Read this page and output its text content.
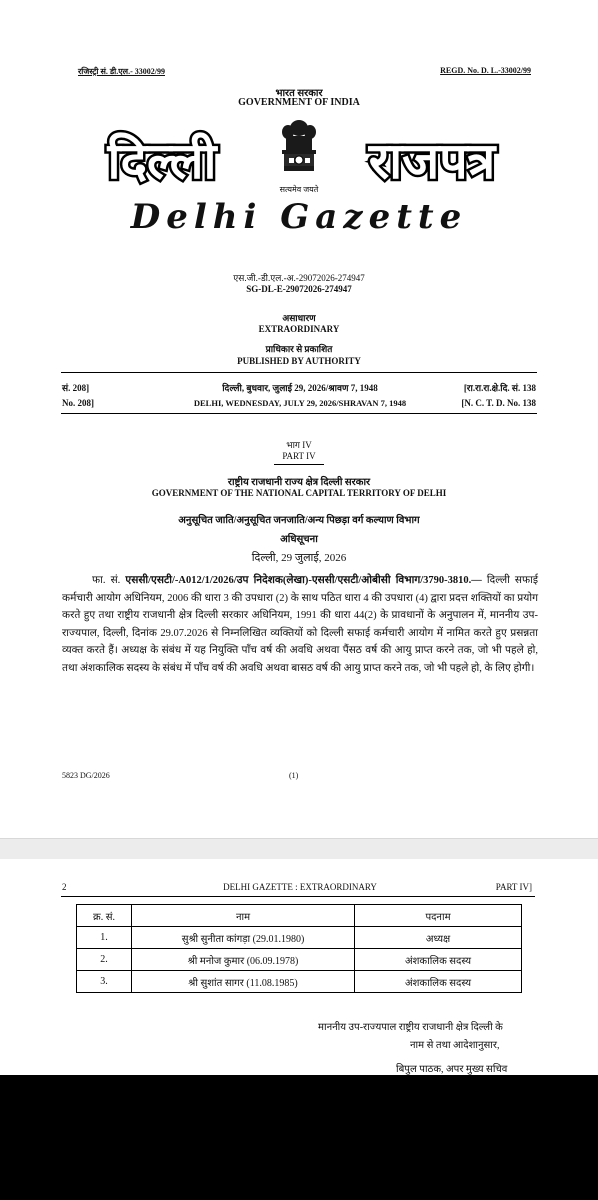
रजिस्ट्री सं. डी.एल.- 33002/99	REGD. No. D. L.-33002/99
भारत सरकार
GOVERNMENT OF INDIA
दिल्ली	राजपत्र
सत्यमेव जयते
Delhi Gazette
एस.जी.-डी.एल.-अ.-29072026-274947
SG-DL-E-29072026-274947
असाधारण
EXTRAORDINARY
प्राधिकार से प्रकाशित
PUBLISHED BY AUTHORITY
सं. 208]	दिल्ली, बुधवार, जुलाई 29, 2026/श्रावण 7, 1948	[रा.रा.रा.क्षे.दि. सं. 138
No. 208]	DELHI, WEDNESDAY, JULY 29, 2026/SHRAVAN 7, 1948	[N. C. T. D. No. 138
भाग IV
PART IV
राष्ट्रीय राजधानी राज्य क्षेत्र दिल्ली सरकार
GOVERNMENT OF THE NATIONAL CAPITAL TERRITORY OF DELHI
अनुसूचित जाति/अनुसूचित जनजाति/अन्य पिछड़ा वर्ग कल्याण विभाग
अधिसूचना
दिल्ली, 29 जुलाई, 2026
फा. सं. एससी/एसटी/-A012/1/2026/उप निदेशक(लेखा)-एससी/एसटी/ओबीसी विभाग/3790-3810.— दिल्ली सफाई कर्मचारी आयोग अधिनियम, 2006 की धारा 3 की उपधारा (2) के साथ पठित धारा 4 की उपधारा (4) द्वारा प्रदत्त शक्तियों का प्रयोग करते हुए तथा राष्ट्रीय राजधानी क्षेत्र दिल्ली सरकार अधिनियम, 1991 की धारा 44(2) के प्रावधानों के अनुपालन में, माननीय उप-राज्यपाल, दिल्ली, दिनांक 29.07.2026 से निम्नलिखित व्यक्तियों को दिल्ली सफाई कर्मचारी आयोग में नामित करते हुए प्रसन्नता व्यक्त करते हैं। अध्यक्ष के संबंध में यह नियुक्ति पाँच वर्ष की अवधि अथवा पैंसठ वर्ष की आयु प्राप्त करने तक, जो भी पहले हो, तथा अंशकालिक सदस्य के संबंध में पाँच वर्ष की अवधि अथवा बासठ वर्ष की आयु प्राप्त करने तक, जो भी पहले हो, के लिए होगी।
5823 DG/2026	(1)
2	DELHI GAZETTE : EXTRAORDINARY	PART IV]
क्र. सं.	नाम	पदनाम
1.	सुश्री सुनीता कांगड़ा (29.01.1980)	अध्यक्ष
2.	श्री मनोज कुमार (06.09.1978)	अंशकालिक सदस्य
3.	श्री सुशांत सागर (11.08.1985)	अंशकालिक सदस्य
माननीय उप-राज्यपाल राष्ट्रीय राजधानी क्षेत्र दिल्ली के
नाम से तथा आदेशानुसार,
बिपुल पाठक, अपर मुख्य सचिव
